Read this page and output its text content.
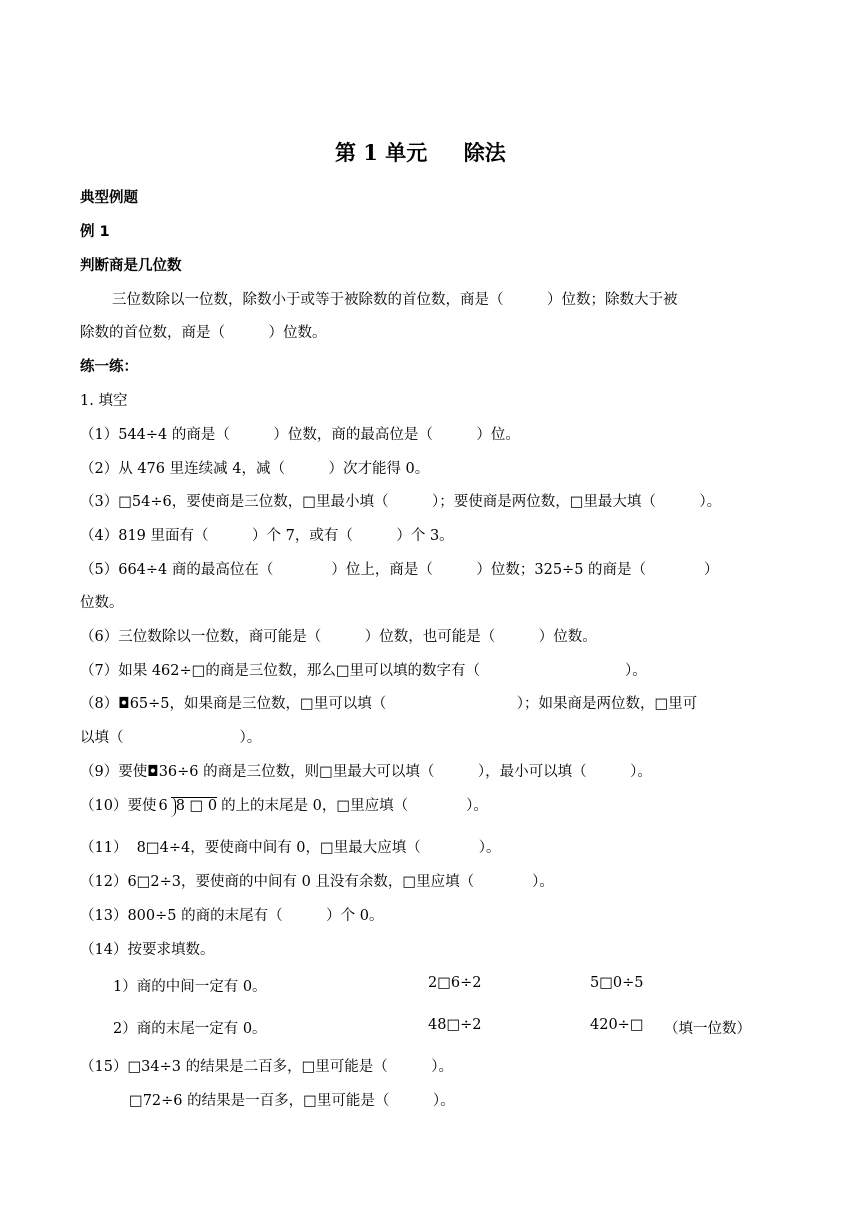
第 1 单元     除法
典型例题
例 1
判断商是几位数
三位数除以一位数，除数小于或等于被除数的首位数，商是（　　　）位数；除数大于被
除数的首位数，商是（　　　）位数。
练一练：
1. 填空
（1）544÷4 的商是（　　　）位数，商的最高位是（　　　）位。
（2）从 476 里连续减 4，减（　　　）次才能得 0。
（3）□54÷6，要使商是三位数，□里最小填（　　　）；要使商是两位数，□里最大填（　　　）。
（4）819 里面有（　　　）个 7，或有（　　　）个 3。
（5）664÷4 商的最高位在（　　　　）位上，商是（　　　）位数；325÷5 的商是（　　　　）
位数。
（6）三位数除以一位数，商可能是（　　　）位数，也可能是（　　　）位数。
（7）如果 462÷□的商是三位数，那么□里可以填的数字有（　　　　　　　　　　）。
（8）◘65÷5，如果商是三位数，□里可以填（　　　　　　　　　）；如果商是两位数，□里可
以填（　　　　　　　　）。
（9）要使◘36÷6 的商是三位数，则□里最大可以填（　　　），最小可以填（　　　）。
（10）要使 6 8 □ 0 的上的末尾是 0，□里应填（　　　　）。
（11）  8□4÷4，要使商中间有 0，□里最大应填（　　　　）。
（12）6□2÷3，要使商的中间有 0 且没有余数，□里应填（　　　　）。
（13）800÷5 的商的末尾有（　　　）个 0。
（14）按要求填数。
1）商的中间一定有 0。	2□6÷2	5□0÷5
2）商的末尾一定有 0。	48□÷2	420÷□ （填一位数）
（15）□34÷3 的结果是二百多，□里可能是（　　　）。
□72÷6 的结果是一百多，□里可能是（　　　）。
